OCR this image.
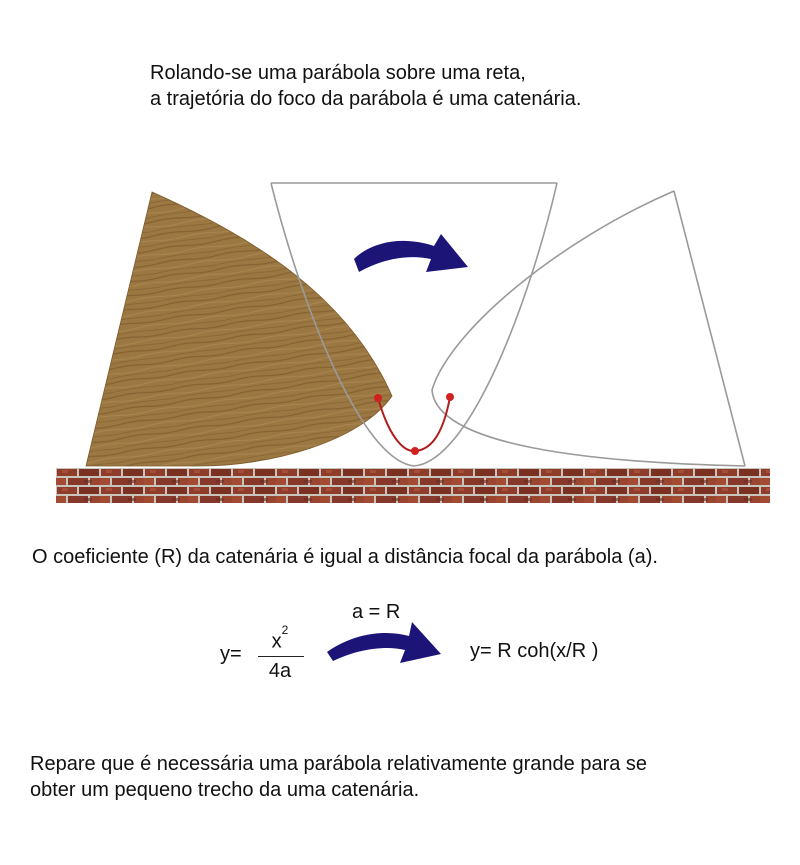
Rolando-se uma parábola sobre uma reta,
a trajetória do foco da parábola é uma catenária.

O coeficiente (R) da catenária é igual a distância focal da parábola (a).

y=
$x^2$
4a
a = R
y= R coh(x/R )

Repare que é necessária uma parábola relativamente grande para se
obter um pequeno trecho da uma catenária.
